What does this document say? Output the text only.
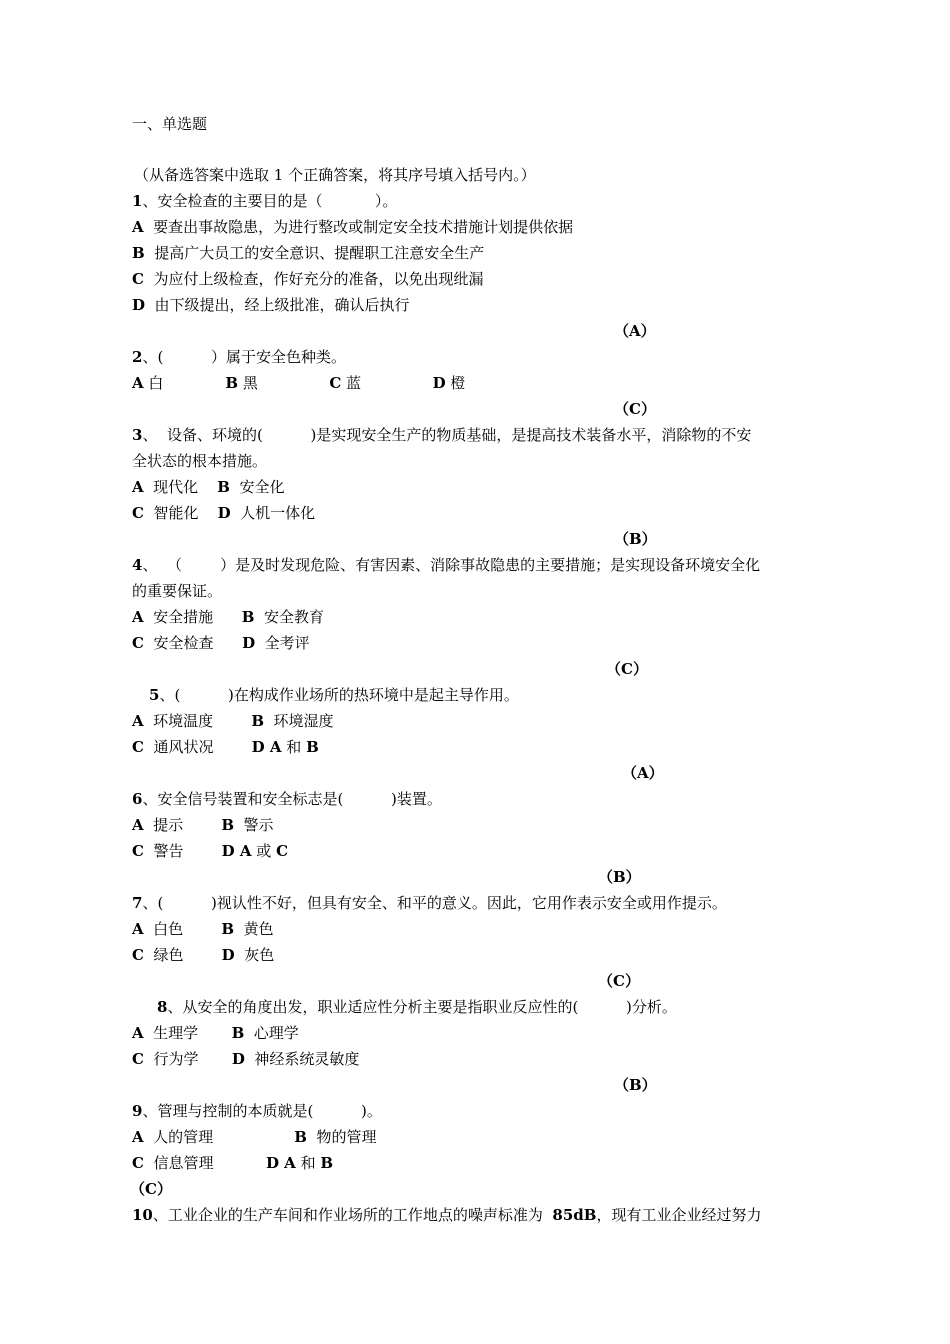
一、单选题
（从备选答案中选取 1 个正确答案，将其序号填入括号内。）
1、安全检查的主要目的是（           ）。
A  要查出事故隐患，为进行整改或制定安全技术措施计划提供依据
B  提高广大员工的安全意识、提醒职工注意安全生产
C  为应付上级检查，作好充分的准备，以免出现纰漏
D  由下级提出，经上级批准，确认后执行
（A）
2、(          ）属于安全色种类。
A 白             B 黑               C 蓝               D 橙
（C）
3、  设备、环境的(          )是实现安全生产的物质基础，是提高技术装备水平，消除物的不安
全状态的根本措施。
A  现代化    B  安全化
C  智能化    D  人机一体化
（B）
4、  （        ）是及时发现危险、有害因素、消除事故隐患的主要措施；是实现设备环境安全化
的重要保证。
A  安全措施      B  安全教育
C  安全检查      D  全考评
（C）
5、(          )在构成作业场所的热环境中是起主导作用。
A  环境温度        B  环境湿度
C  通风状况        D A 和 B
（A）
6、安全信号装置和安全标志是(          )装置。
A  提示        B  警示
C  警告        D A 或 C
（B）
7、(          )视认性不好，但具有安全、和平的意义。因此，它用作表示安全或用作提示。
A  白色        B  黄色
C  绿色        D  灰色
（C）
8、从安全的角度出发，职业适应性分析主要是指职业反应性的(          )分析。
A  生理学       B  心理学
C  行为学       D  神经系统灵敏度
（B）
9、管理与控制的本质就是(          )。
A  人的管理                 B  物的管理
C  信息管理           D A 和 B
（C）
10、工业企业的生产车间和作业场所的工作地点的噪声标准为  85dB，现有工业企业经过努力
